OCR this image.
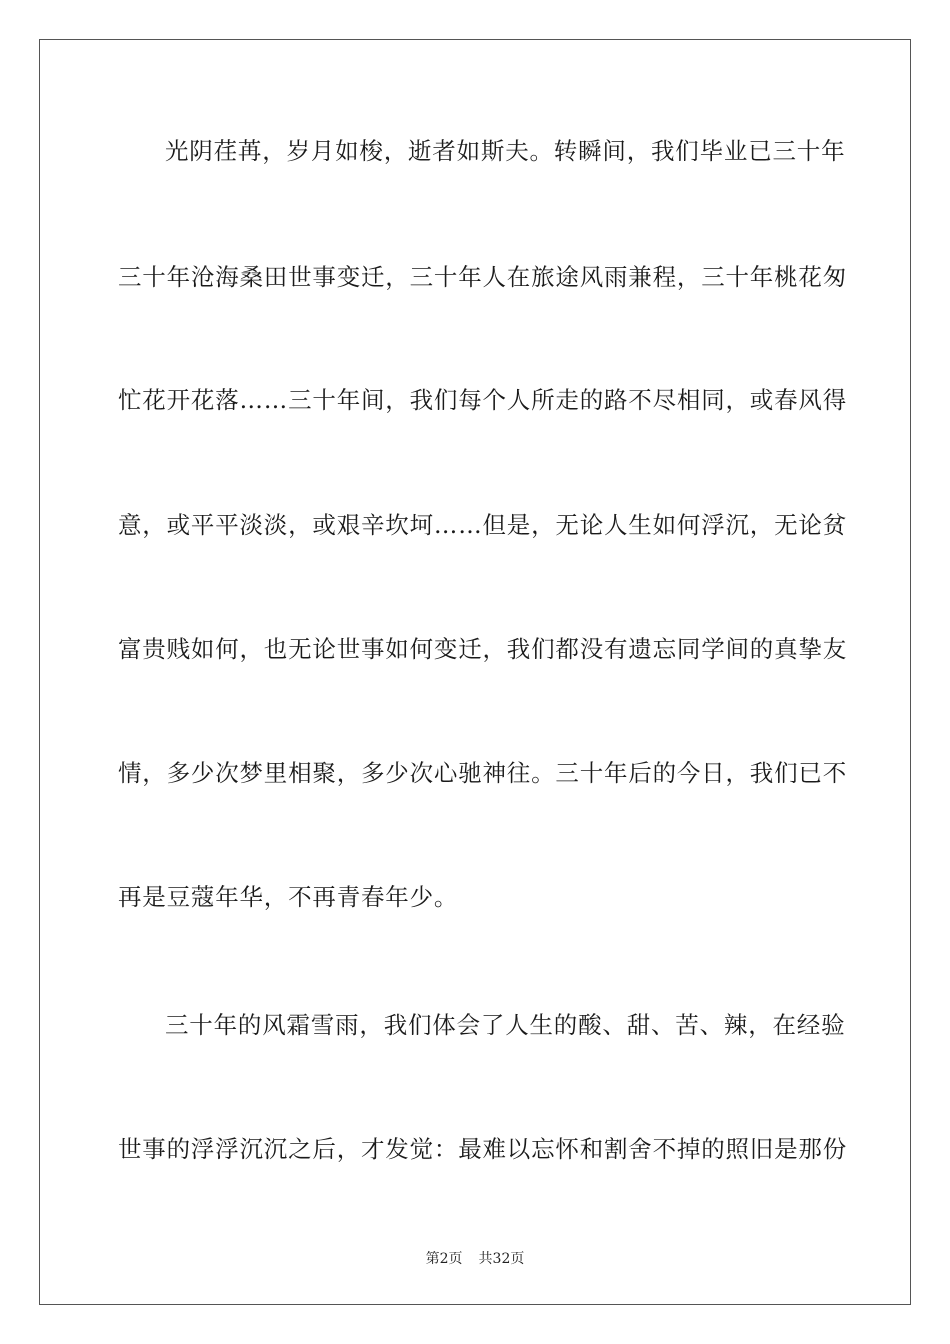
光阴荏苒，岁月如梭，逝者如斯夫。转瞬间，我们毕业已三十年
三十年沧海桑田世事变迁，三十年人在旅途风雨兼程，三十年桃花匆
忙花开花落……三十年间，我们每个人所走的路不尽相同，或春风得
意，或平平淡淡，或艰辛坎坷……但是，无论人生如何浮沉，无论贫
富贵贱如何，也无论世事如何变迁，我们都没有遗忘同学间的真挚友
情，多少次梦里相聚，多少次心驰神往。三十年后的今日，我们已不
再是豆蔻年华，不再青春年少。
三十年的风霜雪雨，我们体会了人生的酸、甜、苦、辣，在经验
世事的浮浮沉沉之后，才发觉：最难以忘怀和割舍不掉的照旧是那份
第2页 共32页
